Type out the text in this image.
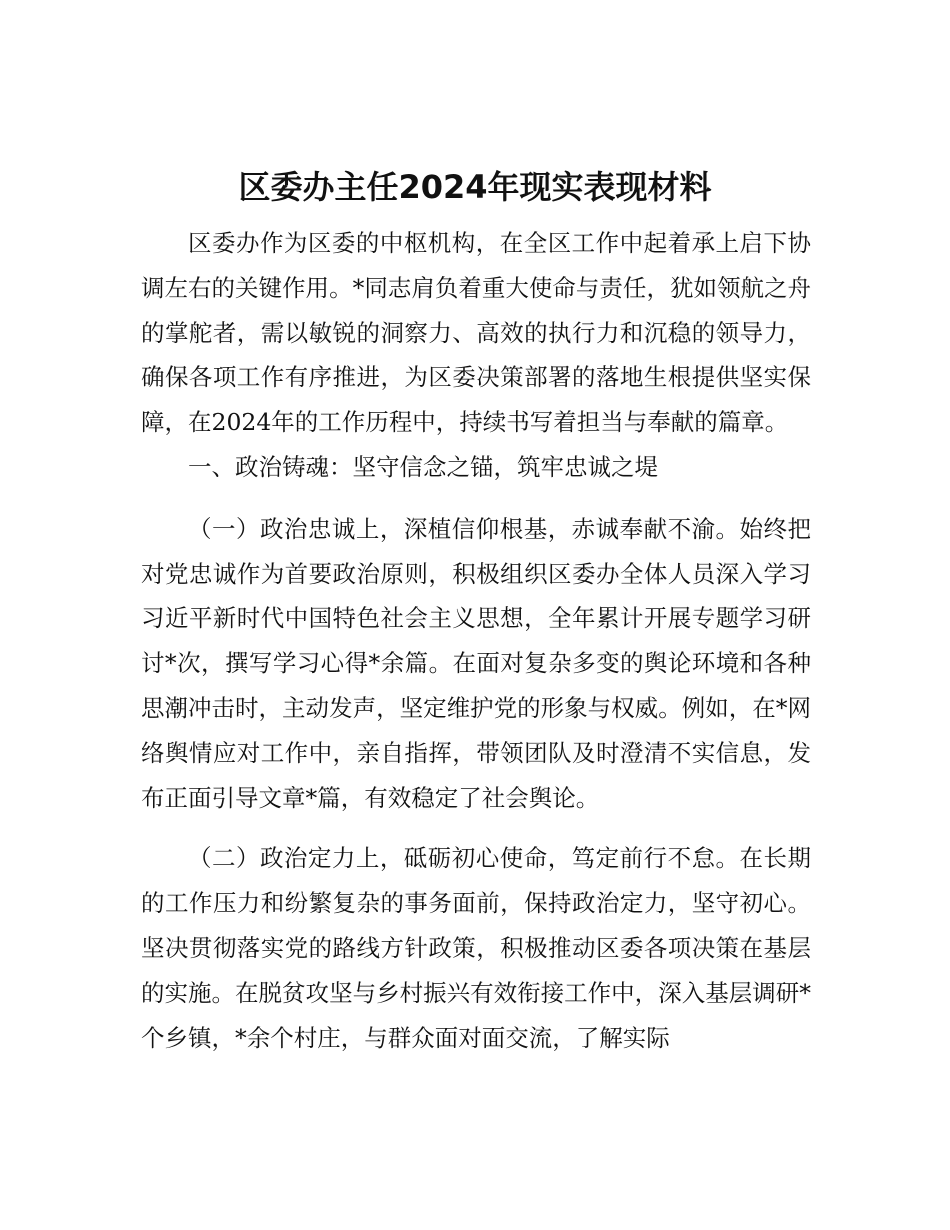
区委办主任2024年现实表现材料

区委办作为区委的中枢机构，在全区工作中起着承上启下协调左右的关键作用。*同志肩负着重大使命与责任，犹如领航之舟的掌舵者，需以敏锐的洞察力、高效的执行力和沉稳的领导力，确保各项工作有序推进，为区委决策部署的落地生根提供坚实保障，在2024年的工作历程中，持续书写着担当与奉献的篇章。

一、政治铸魂：坚守信念之锚，筑牢忠诚之堤

（一）政治忠诚上，深植信仰根基，赤诚奉献不渝。始终把对党忠诚作为首要政治原则，积极组织区委办全体人员深入学习习近平新时代中国特色社会主义思想，全年累计开展专题学习研讨*次，撰写学习心得*余篇。在面对复杂多变的舆论环境和各种思潮冲击时，主动发声，坚定维护党的形象与权威。例如，在*网络舆情应对工作中，亲自指挥，带领团队及时澄清不实信息，发布正面引导文章*篇，有效稳定了社会舆论。

（二）政治定力上，砥砺初心使命，笃定前行不怠。在长期的工作压力和纷繁复杂的事务面前，保持政治定力，坚守初心。坚决贯彻落实党的路线方针政策，积极推动区委各项决策在基层的实施。在脱贫攻坚与乡村振兴有效衔接工作中，深入基层调研*个乡镇，*余个村庄，与群众面对面交流，了解实际
